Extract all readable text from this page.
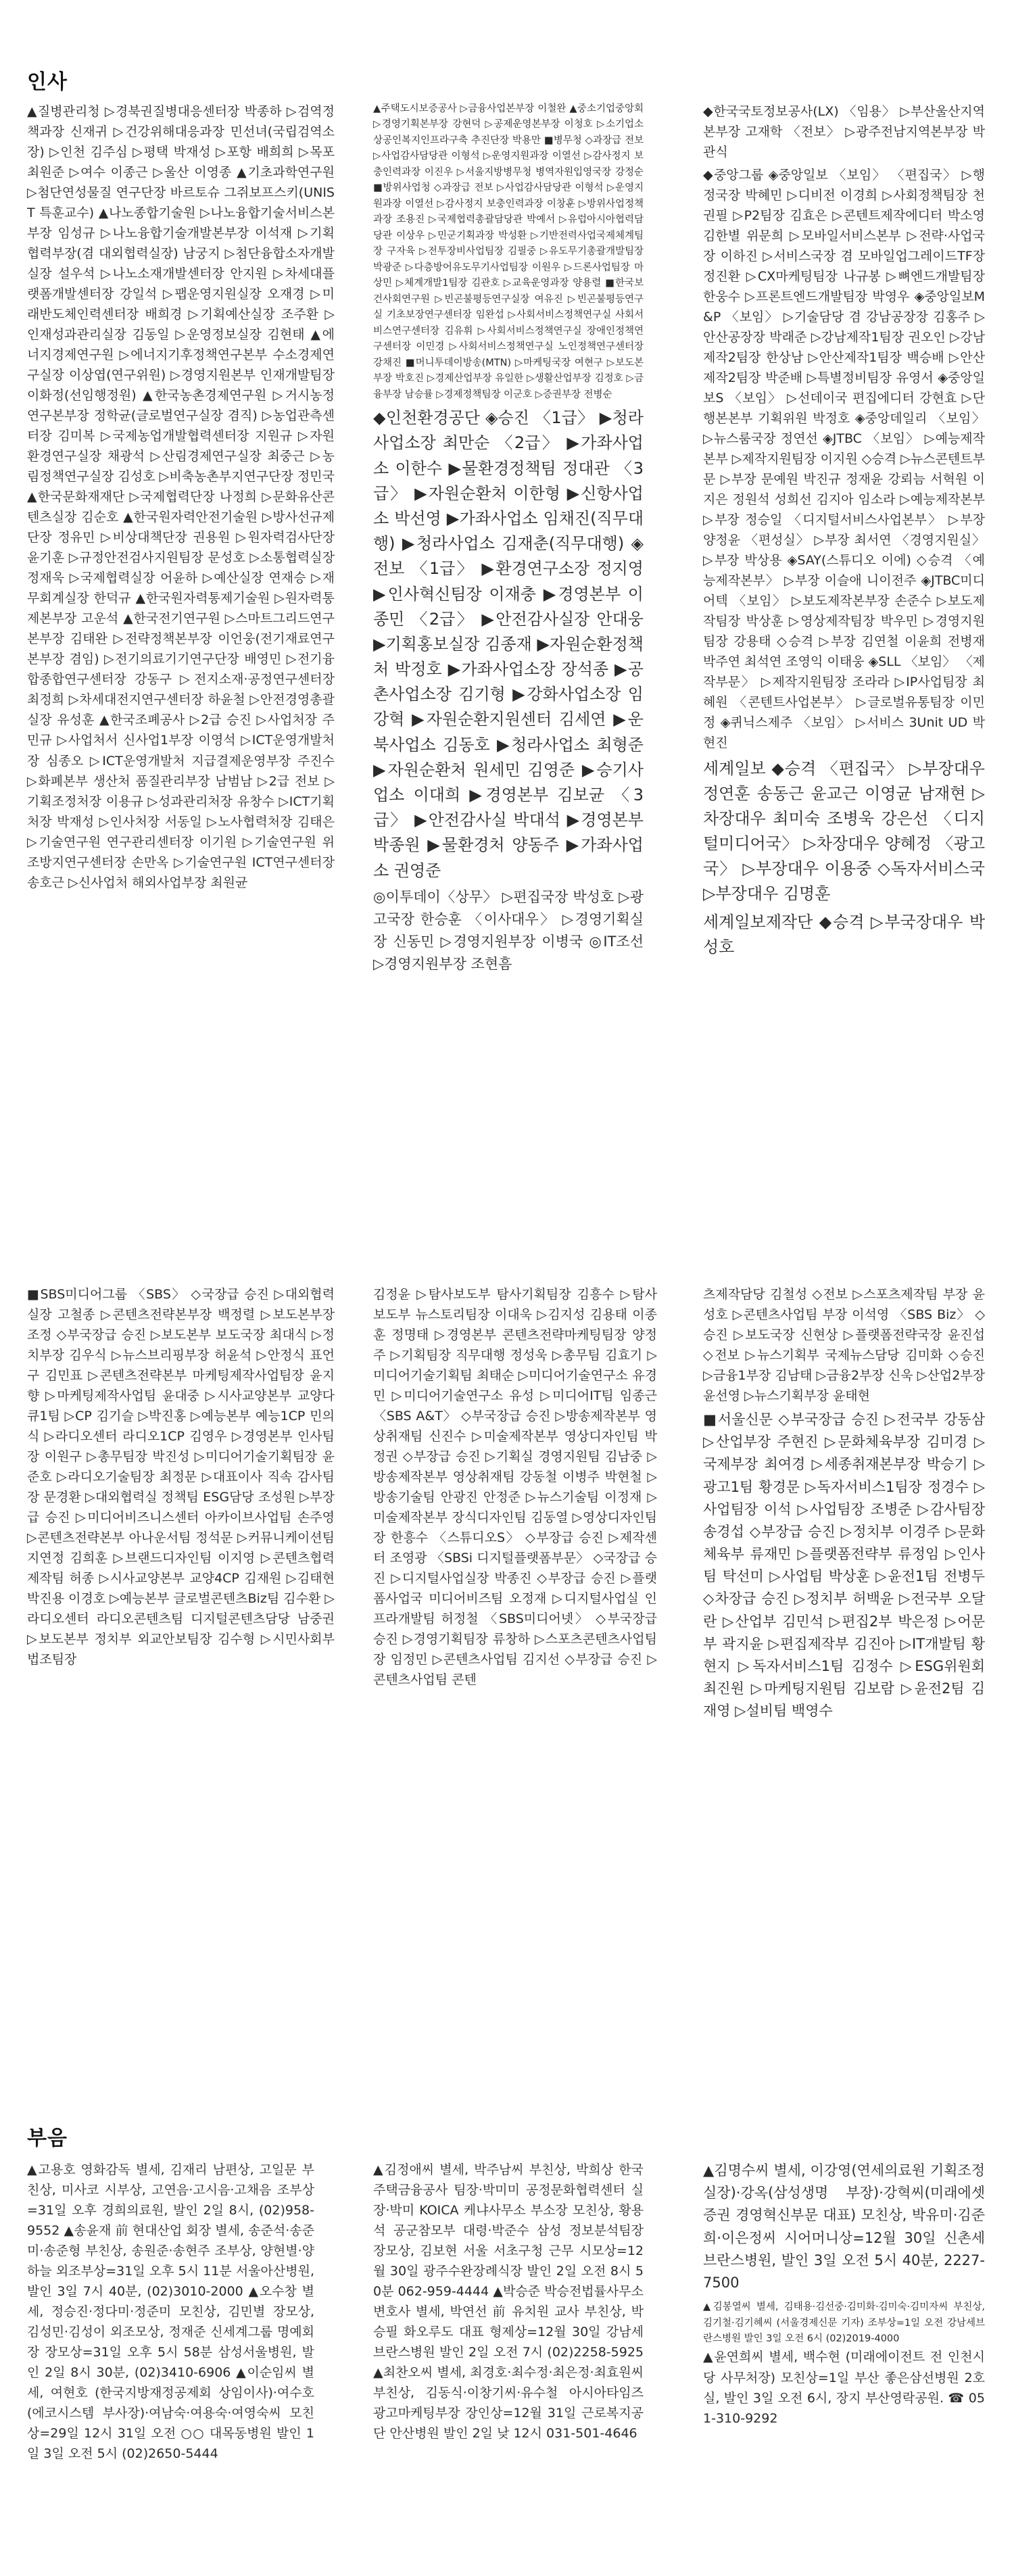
인사
▲질병관리청 ▷경북권질병대응센터장 박종하 ▷검역정책과장 신재귀 ▷건강위해대응과장 민선녀(국립검역소장) ▷인천 김주심 ▷평택 박재성 ▷포항 배희희 ▷목포 최원준 ▷여수 이종근 ▷울산 이영종 ▲기초과학연구원 ▷첨단연성물질 연구단장 바르토슈 그쥐보프스키(UNIST 특훈교수) ▲나노종합기술원 ▷나노융합기술서비스본부장 임성규 ▷나노융합기술개발본부장 이석재 ▷기획협력부장(겸 대외협력실장) 남궁지 ▷첨단융합소자개발실장 설우석 ▷나노소재개발센터장 안지원 ▷차세대플랫폼개발센터장 강일석 ▷팹운영지원실장 오재경 ▷미래반도체인력센터장 배희경 ▷기획예산실장 조주환 ▷인재성과관리실장 김동일 ▷운영정보실장 김현태 ▲에너지경제연구원 ▷에너지기후정책연구본부 수소경제연구실장 이상엽(연구위원) ▷경영지원본부 인재개발팀장 이화정(선임행정원) ▲한국농촌경제연구원 ▷거시농정연구본부장 정학균(글로벌연구실장 겸직) ▷농업관측센터장 김미복 ▷국제농업개발협력센터장 지원규 ▷자원환경연구실장 채광석 ▷산림경제연구실장 최중근 ▷농림정책연구실장 김성호 ▷비축농촌부지연구단장 정민국 ▲한국문화재재단 ▷국제협력단장 나정희 ▷문화유산콘텐츠실장 김순호 ▲한국원자력안전기술원 ▷방사선규제단장 정유민 ▷비상대책단장 권용원 ▷원자력검사단장 윤기훈 ▷규정안전검사지원팀장 문성호 ▷소통협력실장 정재욱 ▷국제협력실장 어윤하 ▷예산실장 연재승 ▷재무회계실장 한덕규 ▲한국원자력통제기술원 ▷원자력통제본부장 고운석 ▲한국전기연구원 ▷스마트그리드연구본부장 김태완 ▷전략정책본부장 이언웅(전기재료연구본부장 겸임) ▷전기의료기기연구단장 배영민 ▷전기융합종합연구센터장 강동구 ▷전지소재·공정연구센터장 최정희 ▷차세대전지연구센터장 하윤철 ▷안전경영총괄실장 유성훈 ▲한국조폐공사 ▷2급 승진 ▷사업처장 주민규 ▷사업처서 신사업1부장 이영석 ▷ICT운영개발처장 심종오 ▷ICT운영개발처 지급결제운영부장 주진수 ▷화폐본부 생산처 품질관리부장 남범남 ▷2급 전보 ▷기획조정처장 이용규 ▷성과관리처장 유창수 ▷ICT기획처장 박재성 ▷인사처장 서동일 ▷노사협력처장 김태은 ▷기술연구원 연구관리센터장 이기원 ▷기술연구원 위조방지연구센터장 손만옥 ▷기술연구원 ICT연구센터장 송호근 ▷신사업처 해외사업부장 최원균
▲주택도시보증공사 ▷금융사업본부장 이철완 ▲중소기업중앙회 ▷경영기획본부장 강현덕 ▷공제운영본부장 이청호 ▷소기업소상공인복지인프라구축 추진단장 박용만 ■병무청 ◇과장급 전보 ▷사업감사담당관 이형석 ▷운영지원과장 이열선 ▷감사정지 보충인력과장 이진우 ▷서울지방병무청 병역자원입영국장 강정순 ■방위사업청 ◇과장급 전보 ▷사업감사담당관 이형석 ▷운영지원과장 이열선 ▷감사정지 보충인력과장 이창훈 ▷방위사업정책과장 조용진 ▷국제협력총괄담당관 박예서 ▷유럽아시아협력담당관 이상우 ▷민군기획과장 박성환 ▷기반전력사업국제체계팀장 구자육 ▷전투장비사업팀장 김필중 ▷유도무기총괄개발팀장 박광준 ▷다층방어유도무기사업팀장 이원우 ▷드론사업팀장 마상민 ▷체계개발1팀장 김관호 ▷교육운영과장 양용렬 ■한국보건사회연구원 ▷빈곤불평등연구실장 여유진 ▷빈곤불평등연구실 기초보장연구센터장 임완섭 ▷사회서비스정책연구실 사회서비스연구센터장 김유휘 ▷사회서비스정책연구실 장애인정책연구센터장 이민경 ▷사회서비스정책연구실 노인정책연구센터장 강채진 ■머니투데이방송(MTN) ▷마케팅국장 여현구 ▷보도본부장 박호진 ▷경제산업부장 유일한 ▷생활산업부장 김정호 ▷금융부장 남승률 ▷경제정책팀장 이군호 ▷증권부장 전병순
◆인천환경공단 ◈승진 〈1급〉 ▶청라사업소장 최만순 〈2급〉 ▶가좌사업소 이한수 ▶물환경정책팀 정대관 〈3급〉 ▶자원순환처 이한형 ▶신항사업소 박선영 ▶가좌사업소 임채진(직무대행) ▶청라사업소 김재춘(직무대행) ◈전보 〈1급〉 ▶환경연구소장 정지영 ▶인사혁신팀장 이재충 ▶경영본부 이종민 〈2급〉 ▶안전감사실장 안대웅 ▶기획홍보실장 김종재 ▶자원순환정책처 박정호 ▶가좌사업소장 장석종 ▶공촌사업소장 김기형 ▶강화사업소장 임강혁 ▶자원순환지원센터 김세연 ▶운북사업소 김동호 ▶청라사업소 최형준 ▶자원순환처 원세민 김영준 ▶승기사업소 이대희 ▶경영본부 김보균 〈3급〉 ▶안전감사실 박대석 ▶경영본부 박종원 ▶물환경처 양동주 ▶가좌사업소 권영준
◎이투데이〈상무〉 ▷편집국장 박성호 ▷광고국장 한승훈 〈이사대우〉 ▷경영기획실장 신동민 ▷경영지원부장 이병국 ◎IT조선 ▷경영지원부장 조현흠
◆한국국토정보공사(LX) 〈임용〉 ▷부산울산지역본부장 고재학 〈전보〉 ▷광주전남지역본부장 박관식
◆중앙그룹 ◈중앙일보 〈보임〉 〈편집국〉 ▷행정국장 박혜민 ▷디비전 이경희 ▷사회정책팀장 천권필 ▷P2팀장 김효은 ▷콘텐트제작에디터 박소영 김한별 위문희 ▷모바일서비스본부 ▷전략·사업국장 이하진 ▷서비스국장 겸 모바일업그레이드TF장 정진환 ▷CX마케팅팀장 나규봉 ▷뼈엔드개발팀장 한웅수 ▷프론트엔드개발팀장 박영우 ◈중앙일보M&P 〈보임〉 ▷기술담당 겸 강남공장장 김홍주 ▷안산공장장 박래준 ▷강남제작1팀장 권오인 ▷강남제작2팀장 한상남 ▷안산제작1팀장 백승배 ▷안산제작2팀장 박준배 ▷특별정비팀장 유영서 ◈중앙일보S 〈보임〉 ▷선데이국 편집에디터 강현효 ▷단행본본부 기획위원 박정호 ◈중앙데일리 〈보임〉 ▷뉴스룸국장 정연선 ◈JTBC 〈보임〉 ▷예능제작본부 ▷제작지원팀장 이지원 ◇승격 ▷뉴스콘텐트부문 ▷부장 문예원 박진규 정재윤 강뢰늠 서혁원 이지은 정원석 성희선 김지아 임소라 ▷예능제작본부 ▷부장 정승일 〈디지털서비스사업본부〉 ▷부장 양정윤 〈편성실〉 ▷부장 최서연 〈경영지원실〉 ▷부장 박상용 ◈SAY(스튜디오 이에) ◇승격 〈예능제작본부〉 ▷부장 이슬애 니이전주 ◈JTBC미디어텍 〈보임〉 ▷보도제작본부장 손준수 ▷보도제작팀장 박상훈 ▷영상제작팀장 박우민 ▷경영지원팀장 강용태 ◇승격 ▷부장 김연철 이윤희 전병재 박주연 최석연 조영익 이태웅 ◈SLL 〈보임〉 〈제작부문〉 ▷제작지원팀장 조라라 ▷IP사업팀장 최혜원 〈콘텐트사업본부〉 ▷글로벌유통팀장 이민정 ◈퀴닉스제주 〈보임〉 ▷서비스 3Unit UD 박현진
세계일보 ◆승격 〈편집국〉 ▷부장대우 정연훈 송동근 윤교근 이영균 남재현 ▷차장대우 최미숙 조병욱 강은선 〈디지털미디어국〉 ▷차장대우 양혜정 〈광고국〉 ▷부장대우 이용중 ◇독자서비스국 ▷부장대우 김명훈
세계일보제작단 ◆승격 ▷부국장대우 박성호
■SBS미디어그룹 〈SBS〉 ◇국장급 승진 ▷대외협력실장 고철종 ▷콘텐츠전략본부장 백정렬 ▷보도본부장 조정 ◇부국장급 승진 ▷보도본부 보도국장 최대식 ▷정치부장 김우식 ▷뉴스브리핑부장 허윤석 ▷안정식 표언구 김민표 ▷콘텐츠전략본부 마케팅제작사업팀장 윤지향 ▷마케팅제작사업팀 윤대중 ▷시사교양본부 교양다큐1팀 ▷CP 김기슬 ▷박진홍 ▷예능본부 예능1CP 민의식 ▷라디오센터 라디오1CP 김영우 ▷경영본부 인사팀장 이원구 ▷총무팀장 박진성 ▷미디어기술기획팀장 윤준호 ▷라디오기술팀장 최정문 ▷대표이사 직속 감사팀장 문경환 ▷대외협력실 정책팀 ESG담당 조성원 ▷부장급 승진 ▷미디어비즈니스센터 아카이브사업팀 손주영 ▷콘텐츠전략본부 아나운서팀 정석문 ▷커뮤니케이션팀 지연정 김희훈 ▷브랜드디자인팀 이지영 ▷콘텐츠협력제작팀 허종 ▷시사교양본부 교양4CP 김재원 ▷김태현 박진용 이경호 ▷예능본부 글로벌콘텐츠Biz팀 김수환 ▷라디오센터 라디오콘텐츠팀 디지털콘텐츠담당 남중권 ▷보도본부 정치부 외교안보팀장 김수형 ▷시민사회부 법조팀장
김정윤 ▷탐사보도부 탐사기획팀장 김흥수 ▷탐사보도부 뉴스토리팀장 이대욱 ▷김지성 김용태 이종훈 정명태 ▷경영본부 콘텐츠전략마케팅팀장 양정주 ▷기획팀장 직무대행 정성욱 ▷총무팀 김효기 ▷미디어기술기획팀 최태순 ▷미디어기술연구소 유경민 ▷미디어기술연구소 유성 ▷미디어IT팀 임종근 〈SBS A&T〉 ◇부국장급 승진 ▷방송제작본부 영상취재팀 신진수 ▷미술제작본부 영상디자인팀 박정권 ◇부장급 승진 ▷기획실 경영지원팀 김남중 ▷방송제작본부 영상취재팀 강동철 이병주 박현철 ▷방송기술팀 안광진 안정준 ▷뉴스기술팀 이정재 ▷미술제작본부 장식디자인팀 김동열 ▷영상디자인팀장 한흥수 〈스튜디오S〉 ◇부장급 승진 ▷제작센터 조영광 〈SBSi 디지털플랫폼부문〉 ◇국장급 승진 ▷디지털사업실장 박종진 ◇부장급 승진 ▷플랫폼사업국 미디어비즈팀 오정재 ▷디지털사업실 인프라개발팀 허정철 〈SBS미디어넷〉 ◇부국장급 승진 ▷경영기획팀장 류창하 ▷스포츠콘텐츠사업팀장 임정민 ▷콘텐츠사업팀 김지선 ◇부장급 승진 ▷콘텐츠사업팀 콘텐
츠제작담당 김철성 ◇전보 ▷스포츠제작팀 부장 윤성호 ▷콘텐츠사업팀 부장 이석영 〈SBS Biz〉 ◇승진 ▷보도국장 신현상 ▷플랫폼전략국장 윤진섭 ◇전보 ▷뉴스기획부 국제뉴스담당 김미화 ◇승진 ▷금융1부장 김남태 ▷금융2부장 신욱 ▷산업2부장 윤선영 ▷뉴스기획부장 윤태현
■서울신문 ◇부국장급 승진 ▷전국부 강동삼 ▷산업부장 주현진 ▷문화체육부장 김미경 ▷국제부장 최여경 ▷세종취재본부장 박승기 ▷광고1팀 황경문 ▷독자서비스1팀장 정경수 ▷사업팀장 이석 ▷사업팀장 조병준 ▷감사팀장 송경섭 ◇부장급 승진 ▷정치부 이경주 ▷문화체육부 류재민 ▷플랫폼전략부 류정임 ▷인사팀 탁선미 ▷사업팀 박상훈 ▷윤전1팀 전병두 ◇차장급 승진 ▷정치부 허백윤 ▷전국부 오달란 ▷산업부 김민석 ▷편집2부 박은정 ▷어문부 곽지윤 ▷편집제작부 김진아 ▷IT개발팀 황현지 ▷독자서비스1팀 김정수 ▷ESG위원회 최진원 ▷마케팅지원팀 김보람 ▷윤전2팀 김재영 ▷설비팀 백영수
부음
▲고용호 영화감독 별세, 김재리 남편상, 고일문 부친상, 미사코 시부상, 고연음·고시음·고채음 조부상=31일 오후 경희의료원, 발인 2일 8시, (02)958-9552 ▲송윤재 前 현대산업 회장 별세, 송준석·송준미·송준형 부친상, 송원준·송현주 조부상, 양현별·양하늘 외조부상=31일 오후 5시 11분 서울아산병원, 발인 3일 7시 40분, (02)3010-2000 ▲오수창 별세, 정승진·정다미·정준미 모친상, 김민별 장모상, 김성민·김성이 외조모상, 정재준 신세계그룹 명예회장 장모상=31일 오후 5시 58분 삼성서울병원, 발인 2일 8시 30분, (02)3410-6906 ▲이순임씨 별세, 여현호 (한국지방재정공제회 상임이사)·여수호(에코시스템 부사장)·여남숙·여용숙·여영숙씨 모친상=29일 12시 31일 오전 ○○ 대목동병원 발인 1일 3일 오전 5시 (02)2650-5444
▲김정애씨 별세, 박주남씨 부친상, 박희상 한국주택금융공사 팀장·박미미 공정문화협력센터 실장·박미 KOICA 케냐사무소 부소장 모친상, 황용석 공군참모부 대령·박준수 삼성 정보분석팀장 장모상, 김보현 서울 서초구청 근무 시모상=12월 30일 광주수완장례식장 발인 2일 오전 8시 50분 062-959-4444 ▲박승준 박승전법률사무소 변호사 별세, 박연선 前 유치원 교사 부친상, 박승필 화오루도 대표 형제상=12월 30일 강남세브란스병원 발인 2일 오전 7시 (02)2258-5925 ▲최찬오씨 별세, 최경호·최수정·최은정·최효원씨 부친상, 김동식·이창기씨·유수철 아시아타임즈 광고마케팅부장 장인상=12월 31일 근로복지공단 안산병원 발인 2일 낮 12시 031-501-4646
▲김명수씨 별세, 이강영(연세의료원 기획조정실장)·강옥(삼성생명 부장)·강혁씨(미래에셋증권 경영혁신부문 대표) 모친상, 박유미·김준희·이은정씨 시어머니상=12월 30일 신촌세브란스병원, 발인 3일 오전 5시 40분, 2227-7500
▲김봉열씨 별세, 김태용·김선중·김미화·김미숙·김미자씨 부친상, 김기철·김기혜씨 (서울경제신문 기자) 조부상=1일 오전 강남세브란스병원 발인 3일 오전 6시 (02)2019-4000
▲윤연희씨 별세, 백수현 (미래에이전트 전 인천시당 사무처장) 모친상=1일 부산 좋은삼선병원 2호실, 발인 3일 오전 6시, 장지 부산영락공원. ☎ 051-310-9292
